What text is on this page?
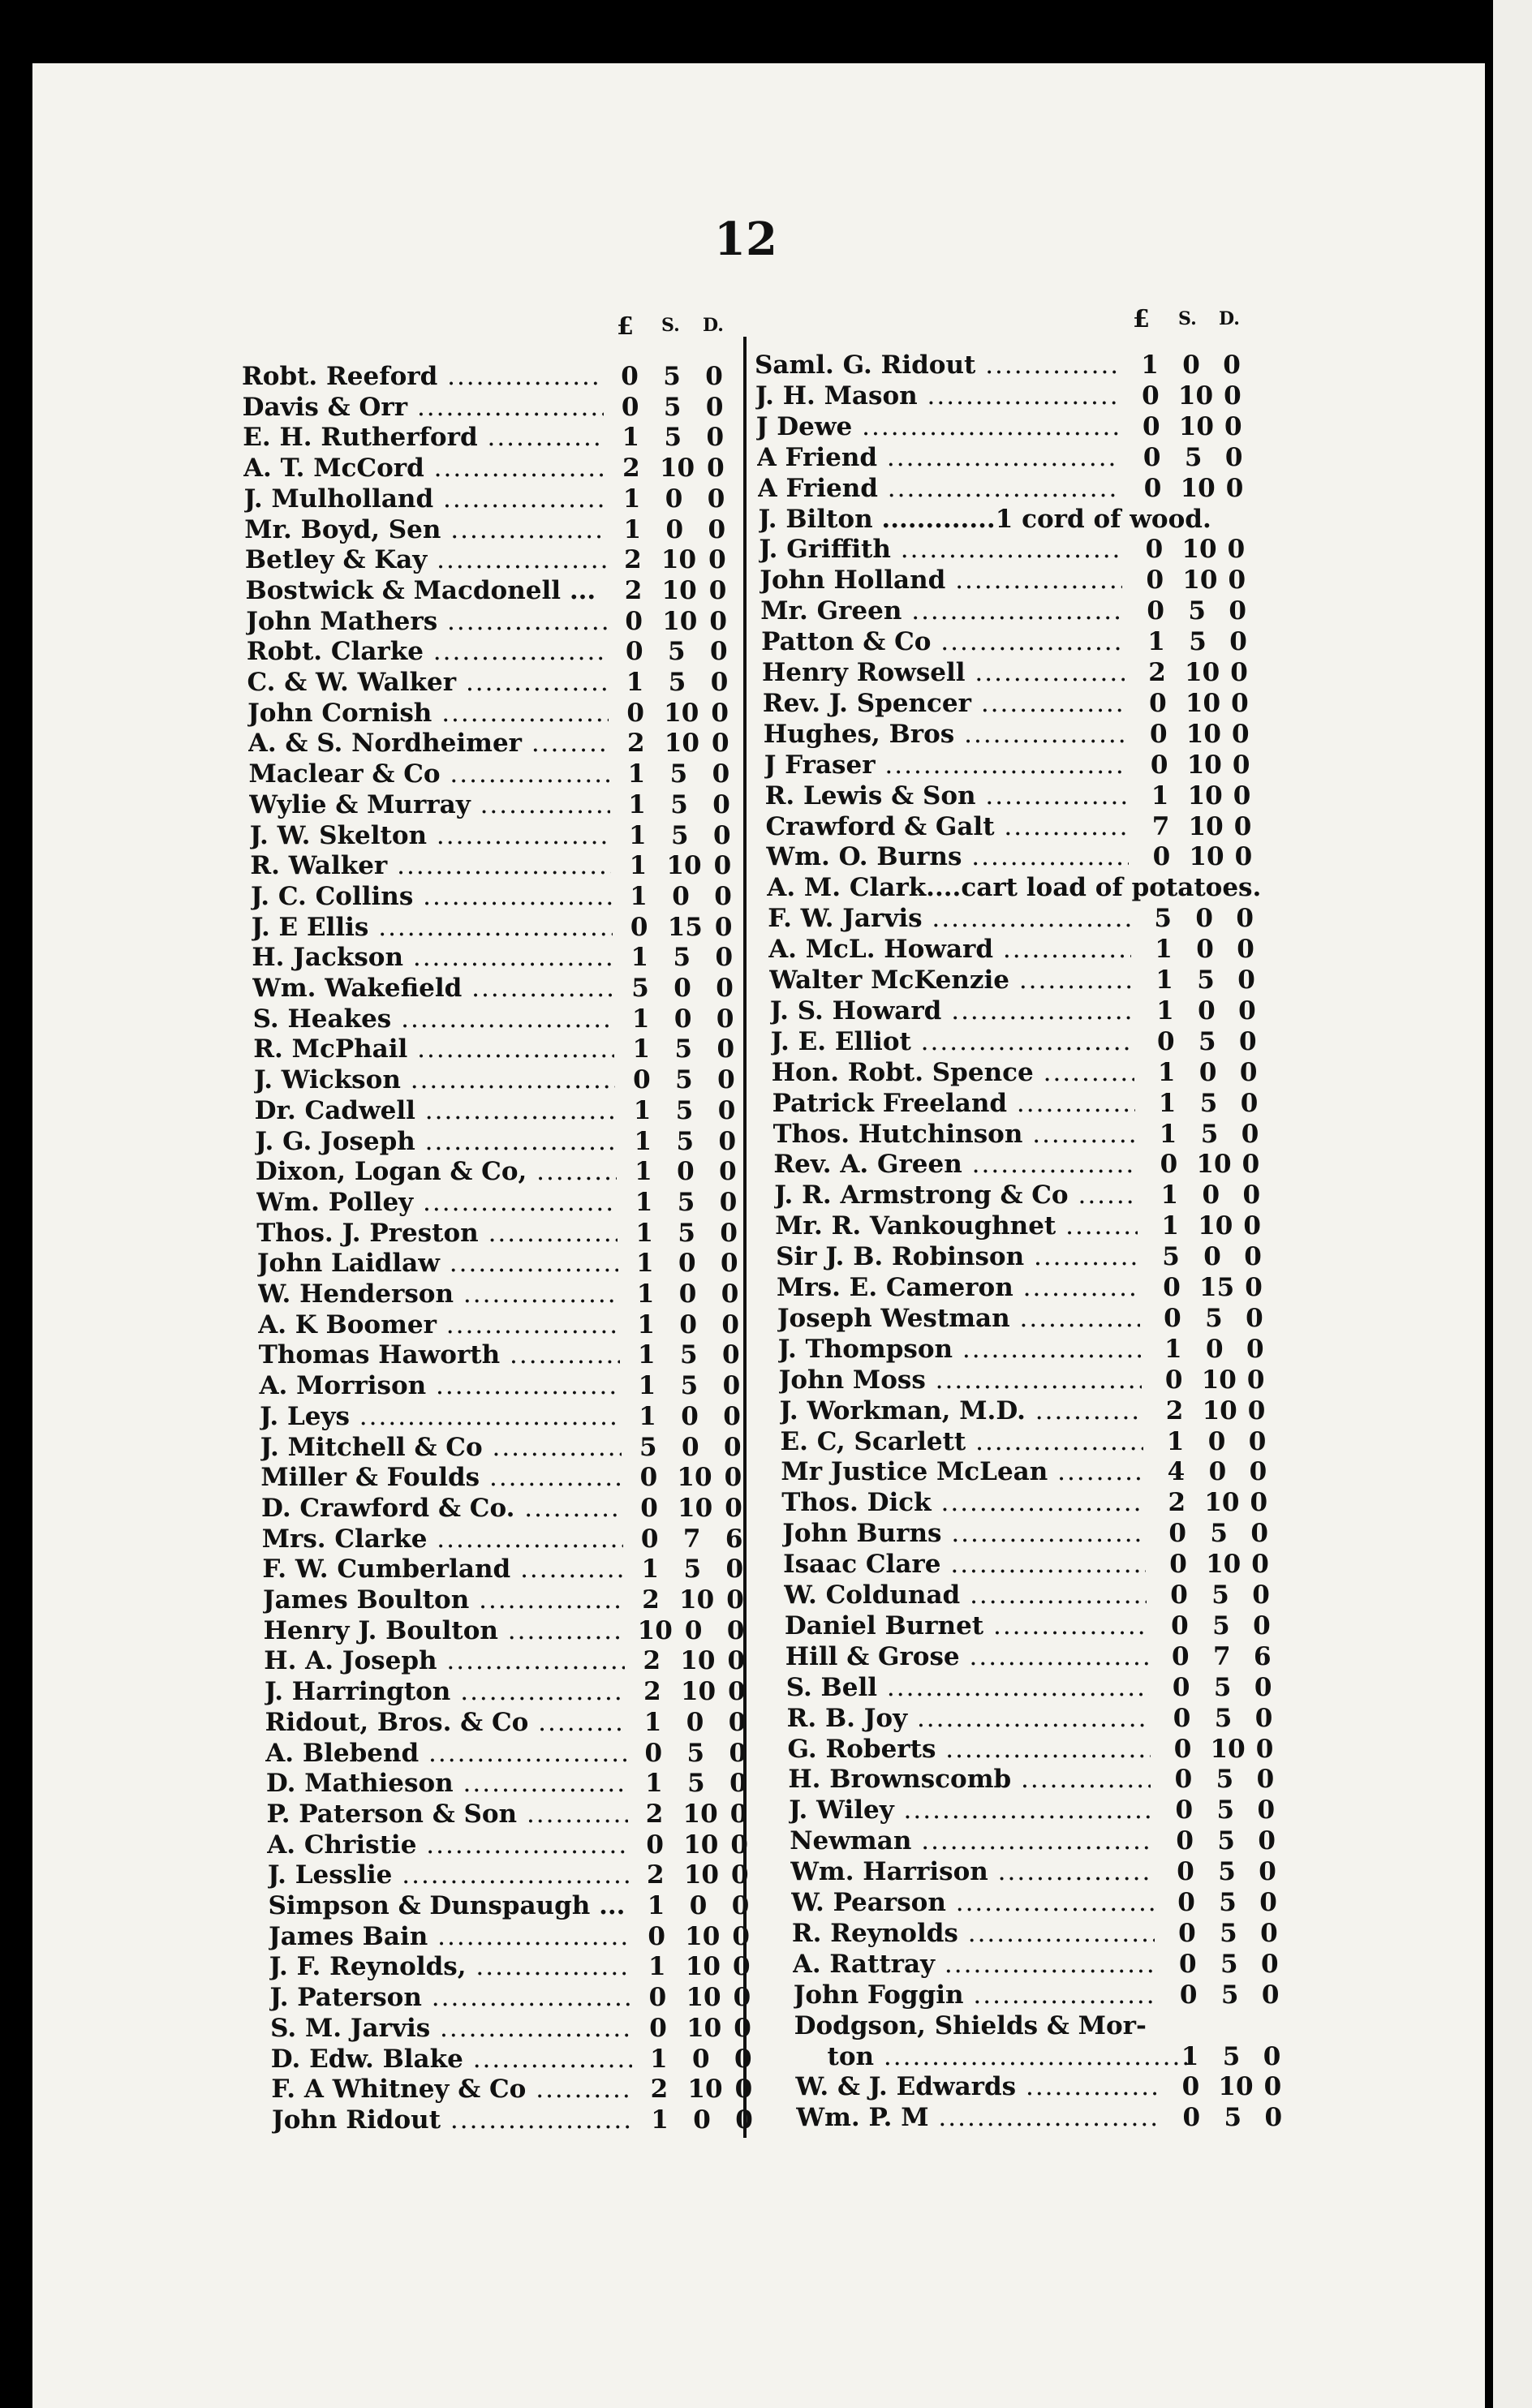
12
£ S. D.	£ S. D.
Robt. Reeford .....	0 5 0
Davis & Orr .....	0 5 0
E. H. Rutherford .....	1 5 0
A. T. McCord .....	2 10 0
J. Mulholland .....	1 0 0
Mr. Boyd, Sen .....	1 0 0
Betley & Kay .....	2 10 0
Bostwick & Macdonell ... .....	2 10 0
John Mathers .....	0 10 0
Robt. Clarke .....	0 5 0
C. & W. Walker .....	1 5 0
John Cornish .....	0 10 0
A. & S. Nordheimer .....	2 10 0
Maclear & Co .....	1 5 0
Wylie & Murray .....	1 5 0
J. W. Skelton .....	1 5 0
R. Walker .....	1 10 0
J. C. Collins .....	1 0 0
J. E Ellis .....	0 15 0
H. Jackson .....	1 5 0
Wm. Wakefield .....	5 0 0
S. Heakes .....	1 0 0
R. McPhail .....	1 5 0
J. Wickson .....	0 5 0
Dr. Cadwell .....	1 5 0
J. G. Joseph .....	1 5 0
Dixon, Logan & Co, .....	1 0 0
Wm. Polley .....	1 5 0
Thos. J. Preston .....	1 5 0
John Laidlaw .....	1 0 0
W. Henderson .....	1 0 0
A. K Boomer .....	1 0 0
Thomas Haworth .....	1 5 0
A. Morrison .....	1 5 0
J. Leys .....	1 0 0
J. Mitchell & Co .....	5 0 0
Miller & Foulds .....	0 10 0
D. Crawford & Co. .....	0 10 0
Mrs. Clarke .....	0 7 6
F. W. Cumberland .....	1 5 0
James Boulton .....	2 10 0
Henry J. Boulton .....	10 0 0
H. A. Joseph .....	2 10 0
J. Harrington .....	2 10 0
Ridout, Bros. & Co .....	1 0 0
A. Blebend .....	0 5 0
D. Mathieson .....	1 5 0
P. Paterson & Son .....	2 10 0
A. Christie .....	0 10 0
J. Lesslie .....	2 10 0
Simpson & Dunspaugh ... ..... 1 0 0
James Bain .....	0 10 0
J. F. Reynolds, .....	1 10 0
J. Paterson .....	0 10 0
S. M. Jarvis .....	0 10 0
D. Edw. Blake .....	1 0 0
F. A Whitney & Co .....	2 10 0
John Ridout .....	1 0 0
Saml. G. Ridout .....	1 0 0
J. H. Mason .....	0 10 0
J Dewe .....	0 10 0
A Friend .....	0 5 0
A Friend .....	0 10 0
J. Bilton .............1 cord of wood.
J. Griffith .....	0 10 0
John Holland .....	0 10 0
Mr. Green .....	0 5 0
Patton & Co .....	1 5 0
Henry Rowsell .....	2 10 0
Rev. J. Spencer .....	0 10 0
Hughes, Bros .....	0 10 0
J Fraser .....	0 10 0
R. Lewis & Son .....	1 10 0
Crawford & Galt .....	7 10 0
Wm. O. Burns .....	0 10 0
A. M. Clark....cart load of potatoes.
F. W. Jarvis .....	5 0 0
A. McL. Howard .....	1 0 0
Walter McKenzie .....	1 5 0
J. S. Howard .....	1 0 0
J. E. Elliot .....	0 5 0
Hon. Robt. Spence .....	1 0 0
Patrick Freeland .....	1 5 0
Thos. Hutchinson .....	1 5 0
Rev. A. Green .....	0 10 0
J. R. Armstrong & Co .....	1 0 0
Mr. R. Vankoughnet .....	1 10 0
Sir J. B. Robinson .....	5 0 0
Mrs. E. Cameron .....	0 15 0
Joseph Westman .....	0 5 0
J. Thompson .....	1 0 0
John Moss .....	0 10 0
J. Workman, M.D. .....	2 10 0
E. C, Scarlett .....	1 0 0
Mr Justice McLean .....	4 0 0
Thos. Dick .....	2 10 0
John Burns .....	0 5 0
Isaac Clare .....	0 10 0
W. Coldunad .....	0 5 0
Daniel Burnet .....	0 5 0
Hill & Grose .....	0 7 6
S. Bell .....	0 5 0
R. B. Joy .....	0 5 0
G. Roberts .....	0 10 0
H. Brownscomb .....	0 5 0
J. Wiley .....	0 5 0
Newman .....	0 5 0
Wm. Harrison .....	0 5 0
W. Pearson .....	0 5 0
R. Reynolds .....	0 5 0
A. Rattray .....	0 5 0
John Foggin .....	0 5 0
Dodgson, Shields & Mor-
ton .....	1 5 0
W. & J. Edwards .....	0 10 0
Wm. P. M .....	0 5 0
